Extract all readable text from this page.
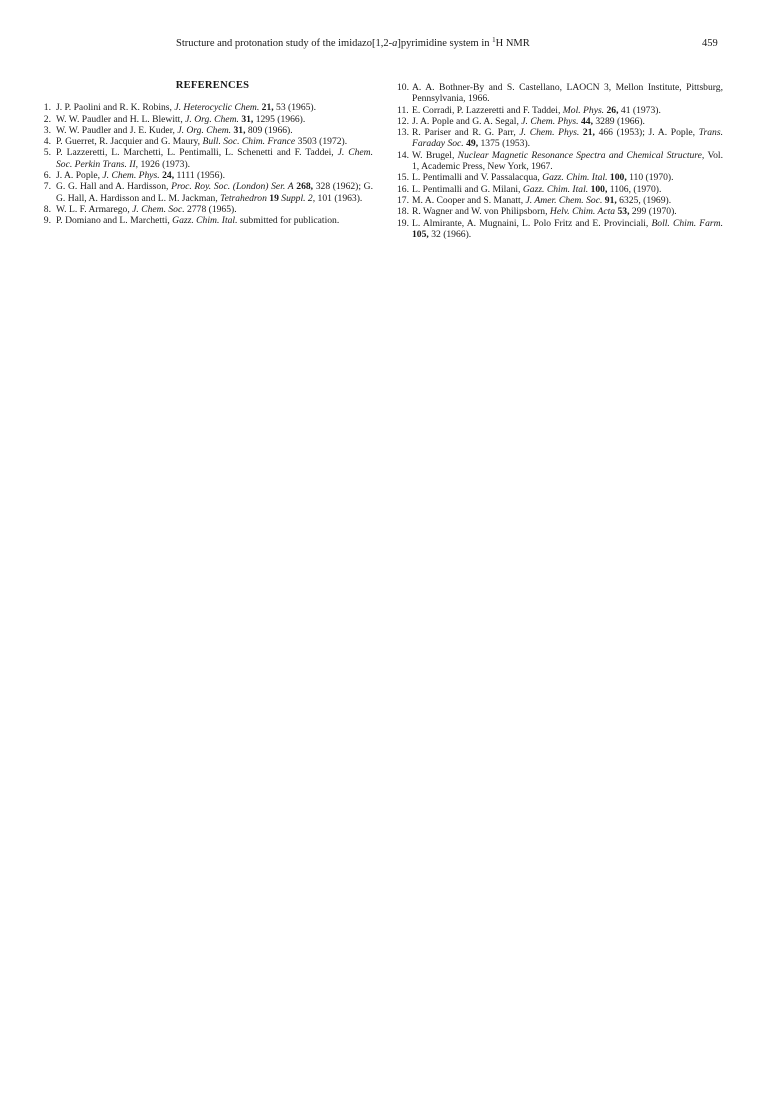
Structure and protonation study of the imidazo[1,2-a]pyrimidine system in $^1$H NMR	459
REFERENCES
1. J. P. Paolini and R. K. Robins, J. Heterocyclic Chem. 21, 53 (1965).
2. W. W. Paudler and H. L. Blewitt, J. Org. Chem. 31, 1295 (1966).
3. W. W. Paudler and J. E. Kuder, J. Org. Chem. 31, 809 (1966).
4. P. Guerret, R. Jacquier and G. Maury, Bull. Soc. Chim. France 3503 (1972).
5. P. Lazzeretti, L. Marchetti, L. Pentimalli, L. Schenetti and F. Taddei, J. Chem. Soc. Perkin Trans. II, 1926 (1973).
6. J. A. Pople, J. Chem. Phys. 24, 1111 (1956).
7. G. G. Hall and A. Hardisson, Proc. Roy. Soc. (London) Ser. A 268, 328 (1962); G. G. Hall, A. Hardisson and L. M. Jackman, Tetrahedron 19 Suppl. 2, 101 (1963).
8. W. L. F. Armarego, J. Chem. Soc. 2778 (1965).
9. P. Domiano and L. Marchetti, Gazz. Chim. Ital. submitted for publication.
10. A. A. Bothner-By and S. Castellano, LAOCN 3, Mellon Institute, Pittsburg, Pennsylvania, 1966.
11. E. Corradi, P. Lazzeretti and F. Taddei, Mol. Phys. 26, 41 (1973).
12. J. A. Pople and G. A. Segal, J. Chem. Phys. 44, 3289 (1966).
13. R. Pariser and R. G. Parr, J. Chem. Phys. 21, 466 (1953); J. A. Pople, Trans. Faraday Soc. 49, 1375 (1953).
14. W. Brugel, Nuclear Magnetic Resonance Spectra and Chemical Structure, Vol. 1, Academic Press, New York, 1967.
15. L. Pentimalli and V. Passalacqua, Gazz. Chim. Ital. 100, 110 (1970).
16. L. Pentimalli and G. Milani, Gazz. Chim. Ital. 100, 1106, (1970).
17. M. A. Cooper and S. Manatt, J. Amer. Chem. Soc. 91, 6325, (1969).
18. R. Wagner and W. von Philipsborn, Helv. Chim. Acta 53, 299 (1970).
19. L. Almirante, A. Mugnaini, L. Polo Fritz and E. Provinciali, Boll. Chim. Farm. 105, 32 (1966).
